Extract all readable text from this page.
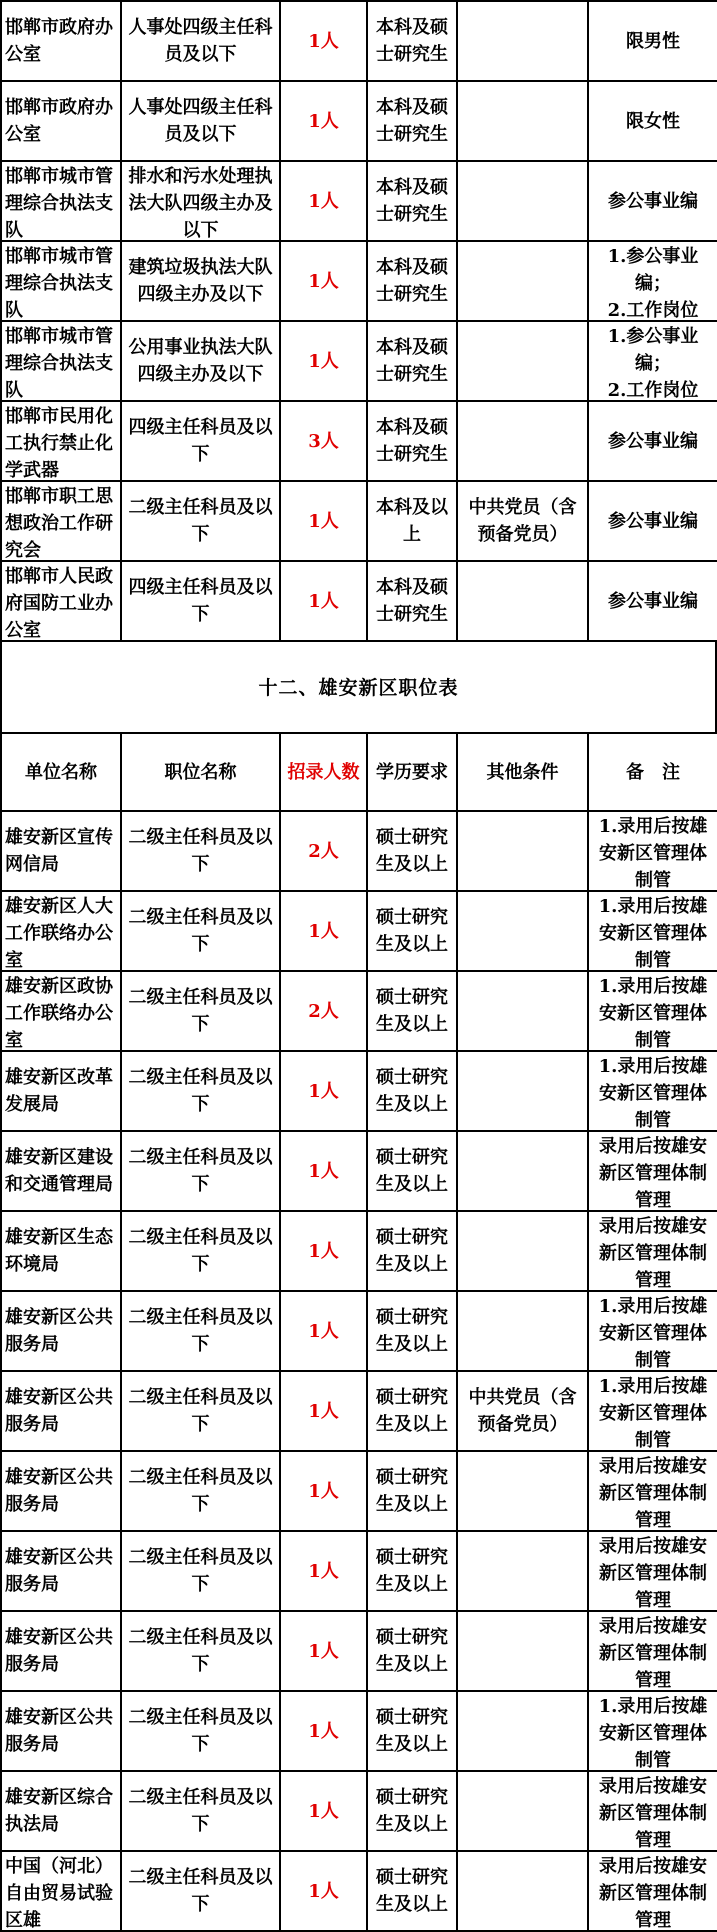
邯郸市政府办公室	人事处四级主任科员及以下	1人	本科及硕士研究生		限男性

邯郸市政府办公室	人事处四级主任科员及以下	1人	本科及硕士研究生		限女性

邯郸市城市管理综合执法支队	排水和污水处理执法大队四级主办及以下	1人	本科及硕士研究生		参公事业编

邯郸市城市管理综合执法支队	建筑垃圾执法大队四级主办及以下	1人	本科及硕士研究生		1.参公事业编；
2.工作岗位

邯郸市城市管理综合执法支队	公用事业执法大队四级主办及以下	1人	本科及硕士研究生		1.参公事业编；
2.工作岗位

邯郸市民用化工执行禁止化学武器	四级主任科员及以下	3人	本科及硕士研究生		参公事业编

邯郸市职工思想政治工作研究会	二级主任科员及以下	1人	本科及以上	中共党员（含预备党员）	参公事业编

邯郸市人民政府国防工业办公室	四级主任科员及以下	1人	本科及硕士研究生		参公事业编
十二、雄安新区职位表
单位名称	职位名称	招录人数	学历要求	其他条件	备　注

雄安新区宣传网信局	二级主任科员及以下	2人	硕士研究生及以上		1.录用后按雄安新区管理体制管

雄安新区人大工作联络办公室	二级主任科员及以下	1人	硕士研究生及以上		1.录用后按雄安新区管理体制管

雄安新区政协工作联络办公室	二级主任科员及以下	2人	硕士研究生及以上		1.录用后按雄安新区管理体制管

雄安新区改革发展局	二级主任科员及以下	1人	硕士研究生及以上		1.录用后按雄安新区管理体制管

雄安新区建设和交通管理局	二级主任科员及以下	1人	硕士研究生及以上		录用后按雄安新区管理体制管理

雄安新区生态环境局	二级主任科员及以下	1人	硕士研究生及以上		录用后按雄安新区管理体制管理

雄安新区公共服务局	二级主任科员及以下	1人	硕士研究生及以上		1.录用后按雄安新区管理体制管

雄安新区公共服务局	二级主任科员及以下	1人	硕士研究生及以上	中共党员（含预备党员）	1.录用后按雄安新区管理体制管

雄安新区公共服务局	二级主任科员及以下	1人	硕士研究生及以上		录用后按雄安新区管理体制管理

雄安新区公共服务局	二级主任科员及以下	1人	硕士研究生及以上		录用后按雄安新区管理体制管理

雄安新区公共服务局	二级主任科员及以下	1人	硕士研究生及以上		录用后按雄安新区管理体制管理

雄安新区公共服务局	二级主任科员及以下	1人	硕士研究生及以上		1.录用后按雄安新区管理体制管

雄安新区综合执法局	二级主任科员及以下	1人	硕士研究生及以上		录用后按雄安新区管理体制管理

中国（河北）自由贸易试验区雄	二级主任科员及以下	1人	硕士研究生及以上		录用后按雄安新区管理体制管理
